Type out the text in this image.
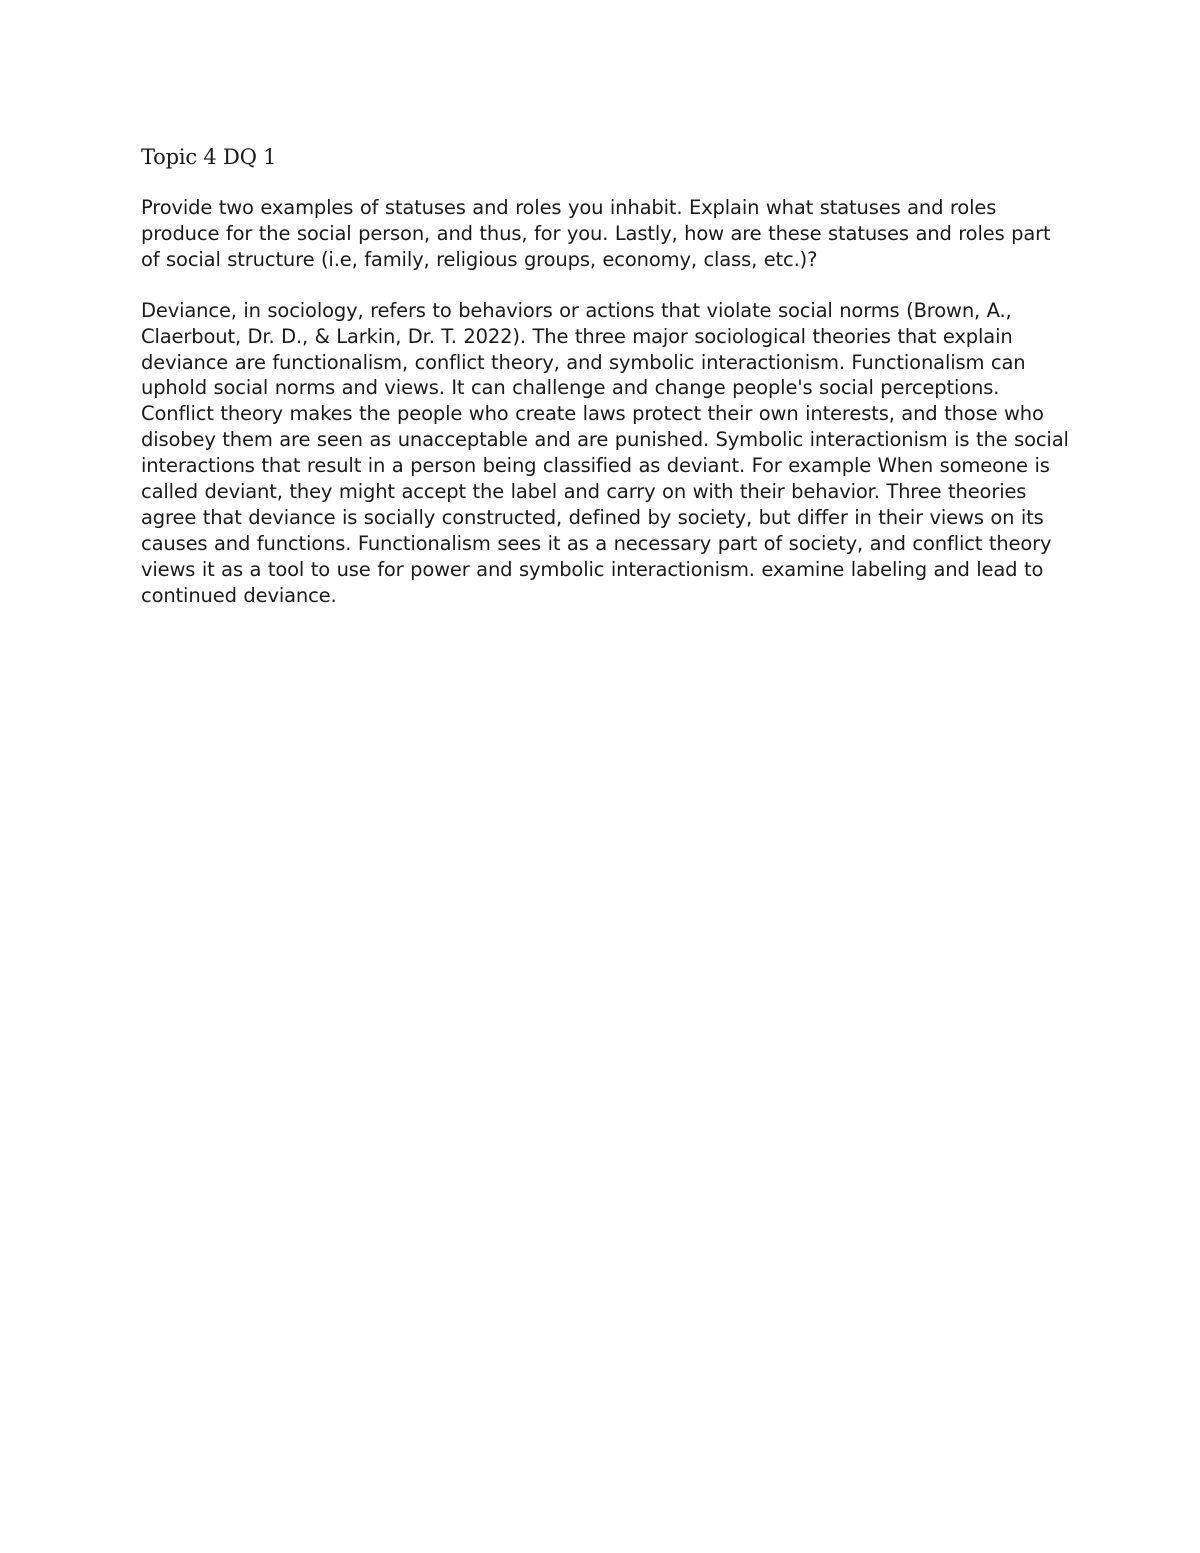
Topic 4 DQ 1

Provide two examples of statuses and roles you inhabit. Explain what statuses and roles produce for the social person, and thus, for you. Lastly, how are these statuses and roles part of social structure (i.e, family, religious groups, economy, class, etc.)?

Deviance, in sociology, refers to behaviors or actions that violate social norms (Brown, A., Claerbout, Dr. D., & Larkin, Dr. T. 2022). The three major sociological theories that explain deviance are functionalism, conflict theory, and symbolic interactionism. Functionalism can uphold social norms and views. It can challenge and change people's social perceptions. Conflict theory makes the people who create laws protect their own interests, and those who disobey them are seen as unacceptable and are punished. Symbolic interactionism is the social interactions that result in a person being classified as deviant. For example When someone is called deviant, they might accept the label and carry on with their behavior. Three theories agree that deviance is socially constructed, defined by society, but differ in their views on its causes and functions. Functionalism sees it as a necessary part of society, and conflict theory views it as a tool to use for power and symbolic interactionism. examine labeling and lead to continued deviance.
